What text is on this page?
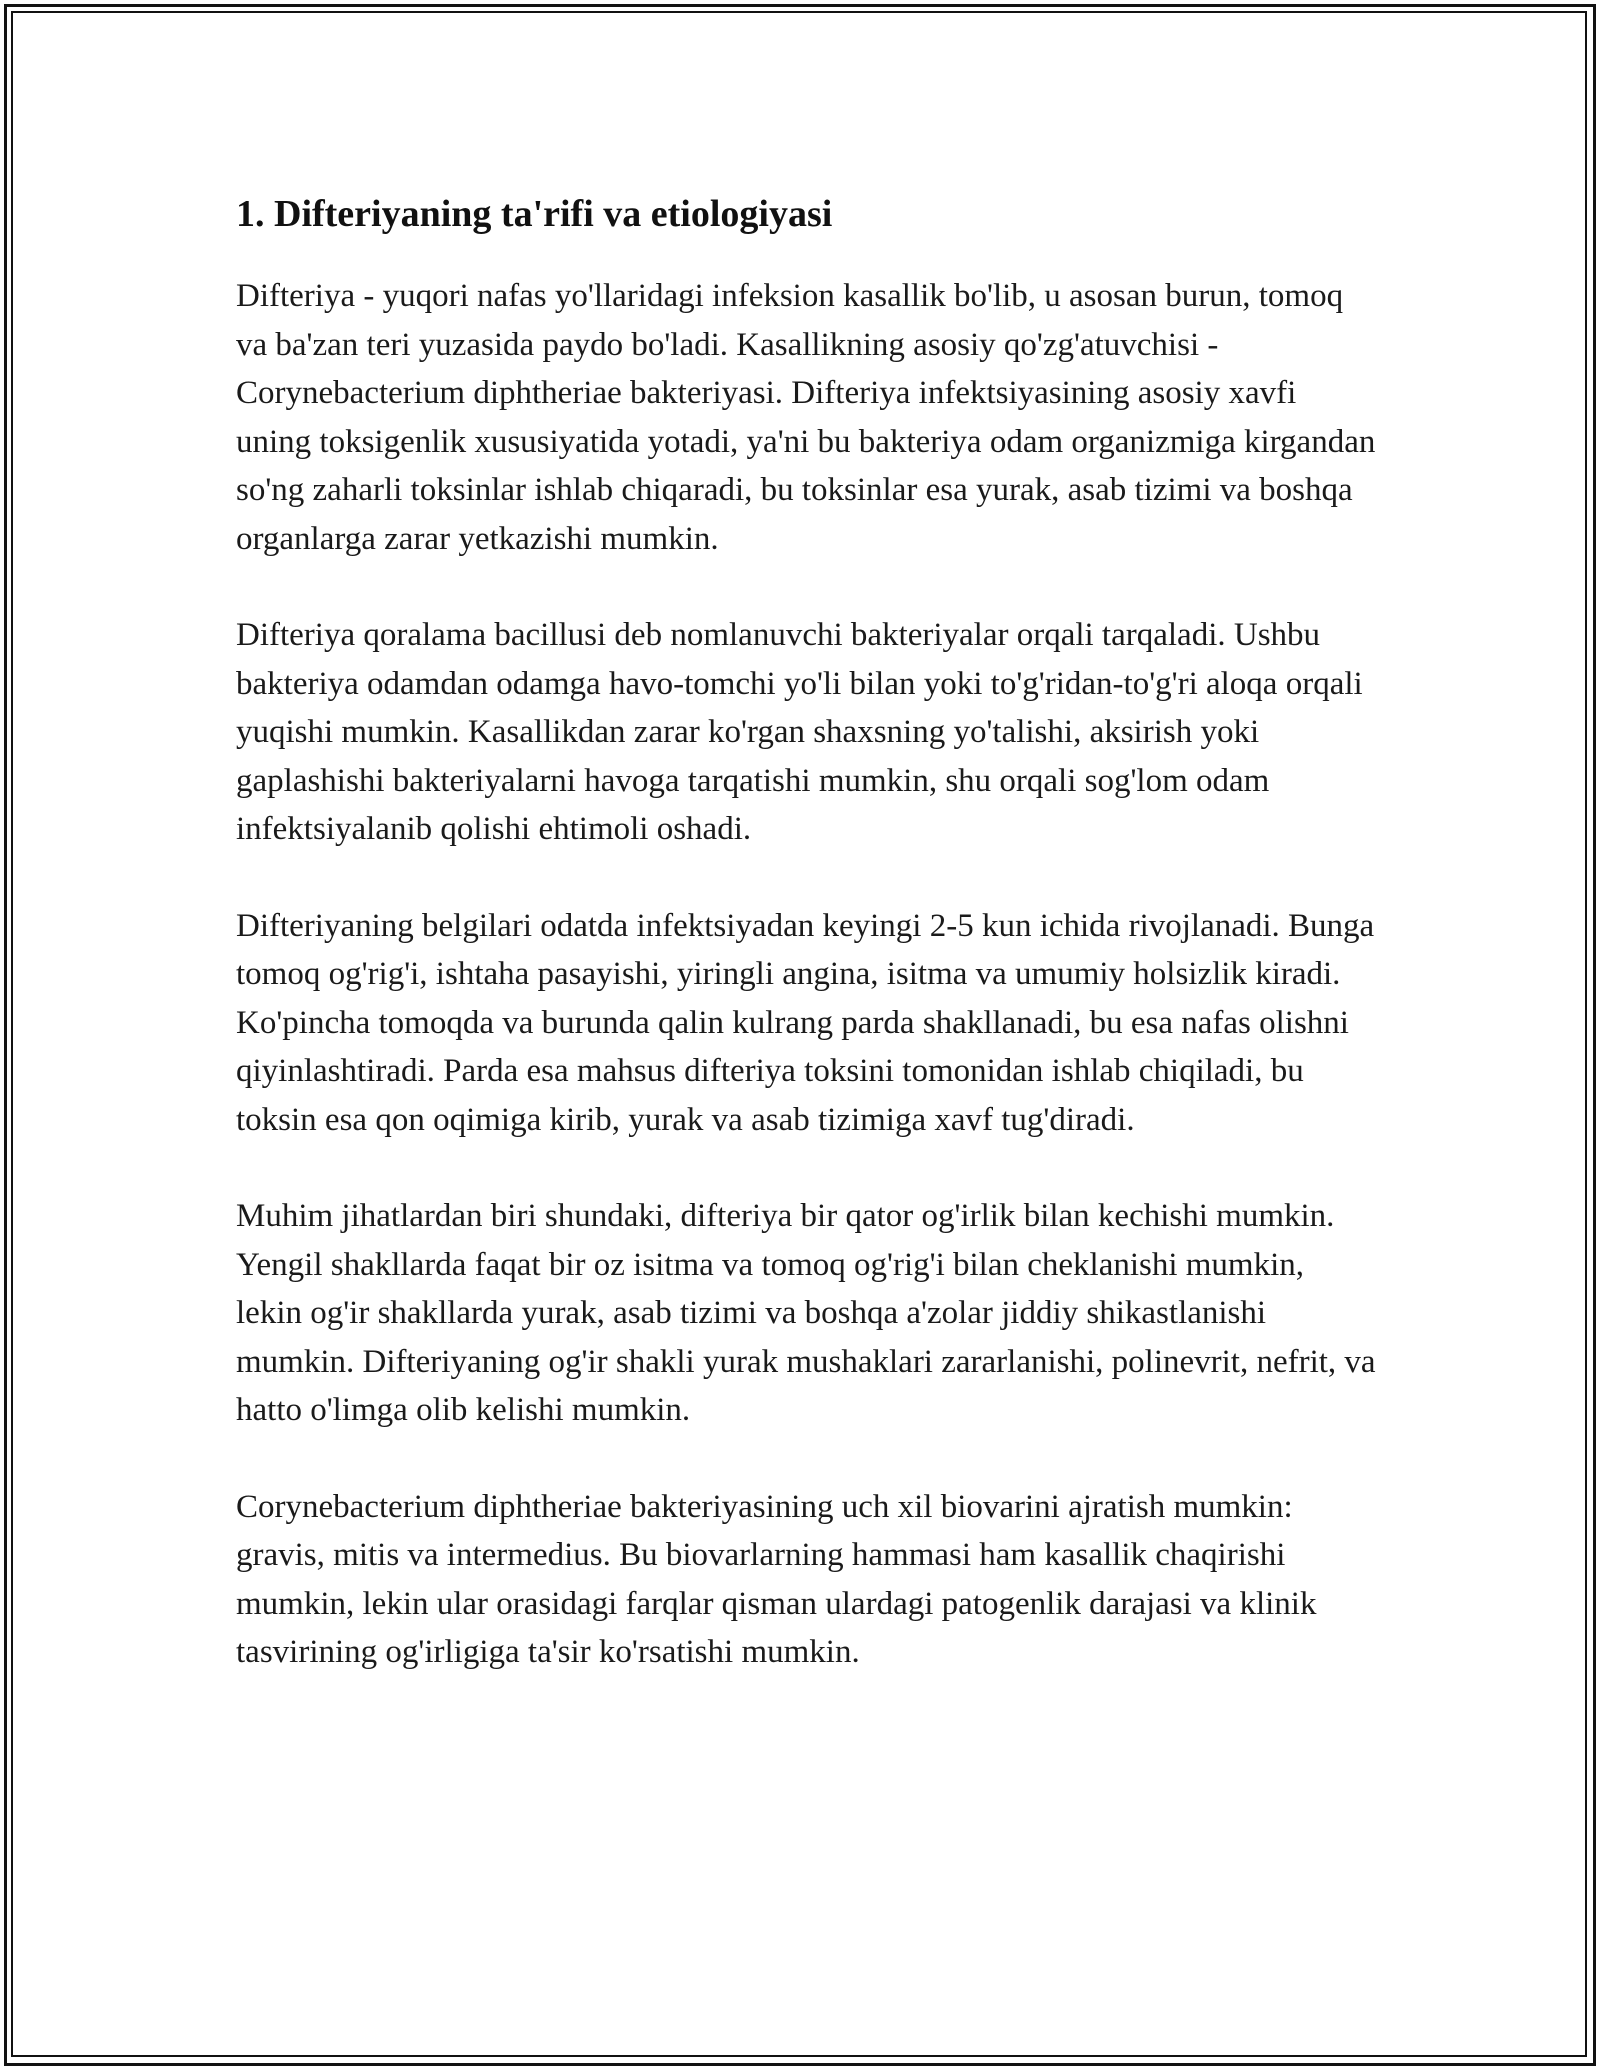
1. Difteriyaning ta'rifi va etiologiyasi

Difteriya - yuqori nafas yo'llaridagi infeksion kasallik bo'lib, u asosan burun, tomoq va ba'zan teri yuzasida paydo bo'ladi. Kasallikning asosiy qo'zg'atuvchisi - Corynebacterium diphtheriae bakteriyasi. Difteriya infektsiyasining asosiy xavfi uning toksigenlik xususiyatida yotadi, ya'ni bu bakteriya odam organizmiga kirgandan so'ng zaharli toksinlar ishlab chiqaradi, bu toksinlar esa yurak, asab tizimi va boshqa organlarga zarar yetkazishi mumkin.

Difteriya qoralama bacillusi deb nomlanuvchi bakteriyalar orqali tarqaladi. Ushbu bakteriya odamdan odamga havo-tomchi yo'li bilan yoki to'g'ridan-to'g'ri aloqa orqali yuqishi mumkin. Kasallikdan zarar ko'rgan shaxsning yo'talishi, aksirish yoki gaplashishi bakteriyalarni havoga tarqatishi mumkin, shu orqali sog'lom odam infektsiyalanib qolishi ehtimoli oshadi.

Difteriyaning belgilari odatda infektsiyadan keyingi 2-5 kun ichida rivojlanadi. Bunga tomoq og'rig'i, ishtaha pasayishi, yiringli angina, isitma va umumiy holsizlik kiradi. Ko'pincha tomoqda va burunda qalin kulrang parda shakllanadi, bu esa nafas olishni qiyinlashtiradi. Parda esa mahsus difteriya toksini tomonidan ishlab chiqiladi, bu toksin esa qon oqimiga kirib, yurak va asab tizimiga xavf tug'diradi.

Muhim jihatlardan biri shundaki, difteriya bir qator og'irlik bilan kechishi mumkin. Yengil shakllarda faqat bir oz isitma va tomoq og'rig'i bilan cheklanishi mumkin, lekin og'ir shakllarda yurak, asab tizimi va boshqa a'zolar jiddiy shikastlanishi mumkin. Difteriyaning og'ir shakli yurak mushaklari zararlanishi, polinevrit, nefrit, va hatto o'limga olib kelishi mumkin.

Corynebacterium diphtheriae bakteriyasining uch xil biovarini ajratish mumkin: gravis, mitis va intermedius. Bu biovarlarning hammasi ham kasallik chaqirishi mumkin, lekin ular orasidagi farqlar qisman ulardagi patogenlik darajasi va klinik tasvirining og'irligiga ta'sir ko'rsatishi mumkin.
